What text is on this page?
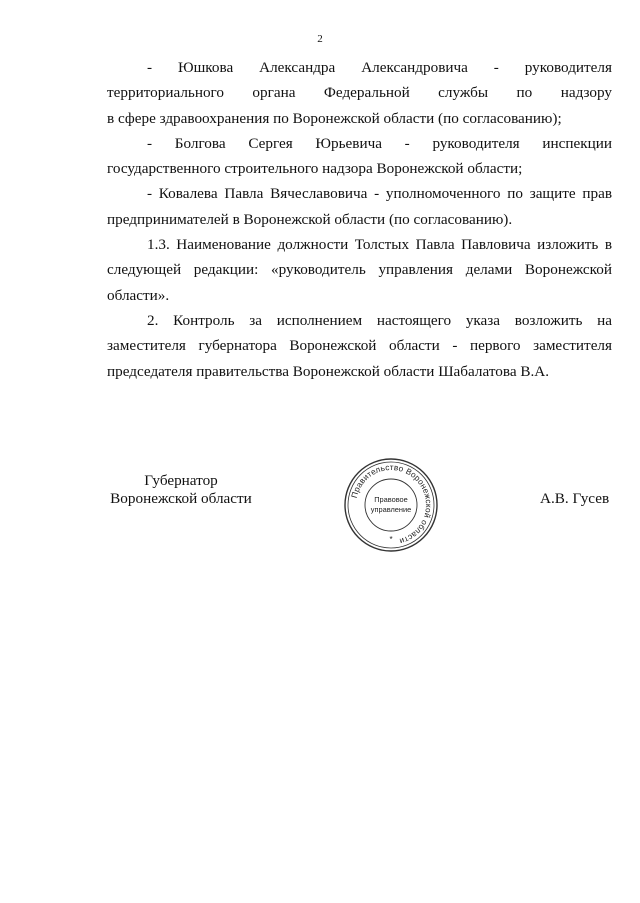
2

- Юшкова Александра Александровича - руководителя территориального органа Федеральной службы по надзору

в сфере здравоохранения по Воронежской области (по согласованию);

- Болгова Сергея Юрьевича - руководителя инспекции государственного строительного надзора Воронежской области;

- Ковалева Павла Вячеславовича - уполномоченного по защите прав предпринимателей в Воронежской области (по согласованию).

1.3. Наименование должности Толстых Павла Павловича изложить в следующей редакции: «руководитель управления делами Воронежской области».

2. Контроль за исполнением настоящего указа возложить на заместителя губернатора Воронежской области - первого заместителя председателя правительства Воронежской области Шабалатова В.А.

Губернатор
Воронежской области	Правительство Воронежской области
Правовое
управление
*
А.В. Гусев
